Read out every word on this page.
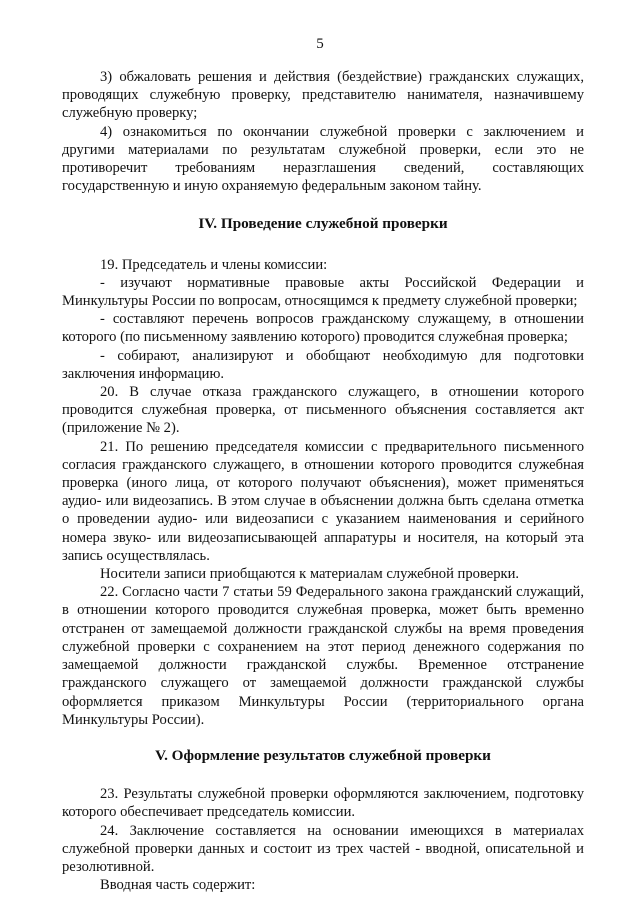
5

3) обжаловать решения и действия (бездействие) гражданских служащих, проводящих служебную проверку, представителю нанимателя, назначившему служебную проверку;

4) ознакомиться по окончании служебной проверки с заключением и другими материалами по результатам служебной проверки, если это не противоречит требованиям неразглашения сведений, составляющих государственную и иную охраняемую федеральным законом тайну.

IV. Проведение служебной проверки

19. Председатель и члены комиссии:

- изучают нормативные правовые акты Российской Федерации и Минкультуры России по вопросам, относящимся к предмету служебной проверки;

- составляют перечень вопросов гражданскому служащему, в отношении которого (по письменному заявлению которого) проводится служебная проверка;

- собирают, анализируют и обобщают необходимую для подготовки заключения информацию.

20. В случае отказа гражданского служащего, в отношении которого проводится служебная проверка, от письменного объяснения составляется акт (приложение № 2).

21. По решению председателя комиссии с предварительного письменного согласия гражданского служащего, в отношении которого проводится служебная проверка (иного лица, от которого получают объяснения), может применяться аудио- или видеозапись. В этом случае в объяснении должна быть сделана отметка о проведении аудио- или видеозаписи с указанием наименования и серийного номера звуко- или видеозаписывающей аппаратуры и носителя, на который эта запись осуществлялась.

Носители записи приобщаются к материалам служебной проверки.

22. Согласно части 7 статьи 59 Федерального закона гражданский служащий, в отношении которого проводится служебная проверка, может быть временно отстранен от замещаемой должности гражданской службы на время проведения служебной проверки с сохранением на этот период денежного содержания по замещаемой должности гражданской службы. Временное отстранение гражданского служащего от замещаемой должности гражданской службы оформляется приказом Минкультуры России (территориального органа Минкультуры России).

V. Оформление результатов служебной проверки

23. Результаты служебной проверки оформляются заключением, подготовку которого обеспечивает председатель комиссии.

24. Заключение составляется на основании имеющихся в материалах служебной проверки данных и состоит из трех частей - вводной, описательной и резолютивной.

Вводная часть содержит:
